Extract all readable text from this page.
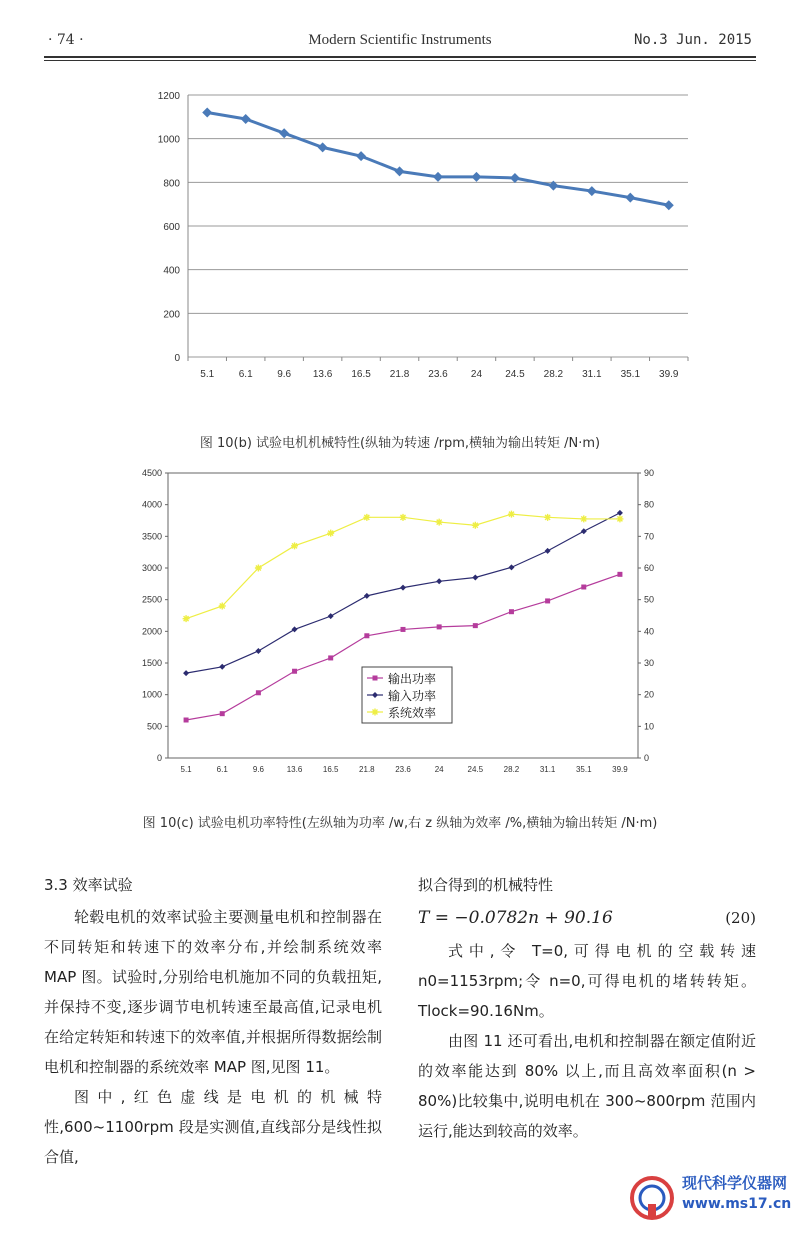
· 74 ·	Modern Scientific Instruments	No.3 Jun. 2015
0
200
400
600
800
1000
1200
5.1 6.1 9.6 13.6 16.5 21.8 23.6 24 24.5 28.2 31.1 35.1 39.9
图 10(b) 试验电机机械特性(纵轴为转速 /rpm,横轴为输出转矩 /N·m)
0
500
1000
1500
2000
2500
3000
3500
4000
4500
0
10
20
30
40
50
60
70
80
90
5.1	6.1	9.6	13.6	16.5	21.8	23.6	24	24.5	28.2	31.1	35.1	39.9
输出功率
输入功率
系统效率
图 10(c) 试验电机功率特性(左纵轴为功率 /w,右 z 纵轴为效率 /%,横轴为输出转矩 /N·m)

3.3 效率试验

轮毂电机的效率试验主要测量电机和控制器在不同转矩和转速下的效率分布,并绘制系统效率 MAP 图。试验时,分别给电机施加不同的负载扭矩,并保持不变,逐步调节电机转速至最高值,记录电机在给定转矩和转速下的效率值,并根据所得数据绘制电机和控制器的系统效率 MAP 图,见图 11。

图中,红色虚线是电机的机械特性,600~1100rpm 段是实测值,直线部分是线性拟合值,

拟合得到的机械特性

T = −0.0782n + 90.16	(20)

式中,令 T=0,可得电机的空载转速 n0=1153rpm;令 n=0,可得电机的堵转转矩。Tlock=90.16Nm。

由图 11 还可看出,电机和控制器在额定值附近的效率能达到 80% 以上,而且高效率面积(n > 80%)比较集中,说明电机在 300~800rpm 范围内运行,能达到较高的效率。

现代科学仪器网
www.ms17.cn
